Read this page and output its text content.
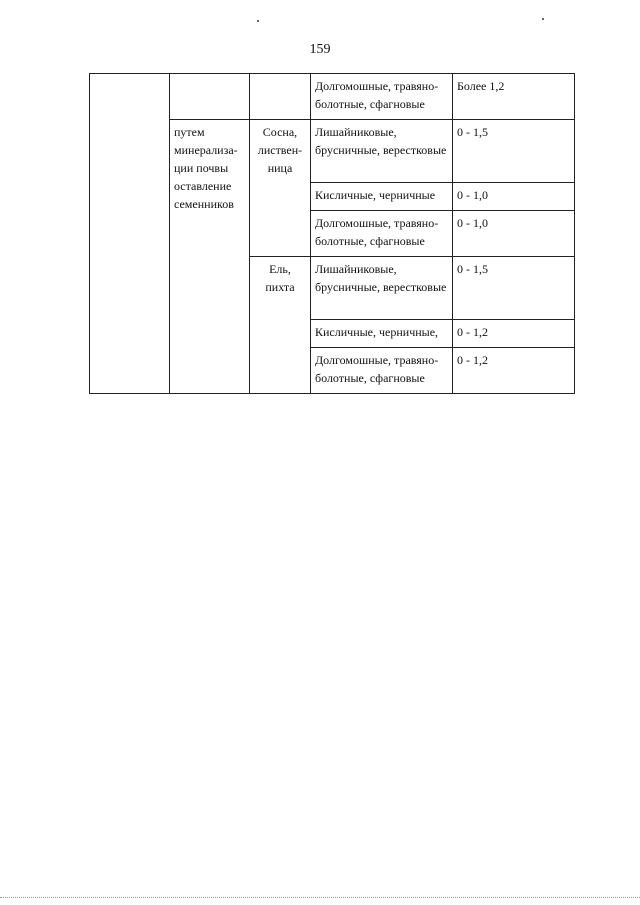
159
			Долгомошные, травяно-болотные, сфагновые	Более 1,2
	путем минерализа-ции почвы оставление семенников	Сосна, листвен-ница	Лишайниковые, брусничные, верестковые	0 - 1,5
			Кисличные, черничные	0 - 1,0
			Долгомошные, травяно-болотные, сфагновые	0 - 1,0
		Ель, пихта	Лишайниковые, брусничные, верестковые	0 - 1,5
			Кисличные, черничные,	0 - 1,2
			Долгомошные, травяно-болотные, сфагновые	0 - 1,2
